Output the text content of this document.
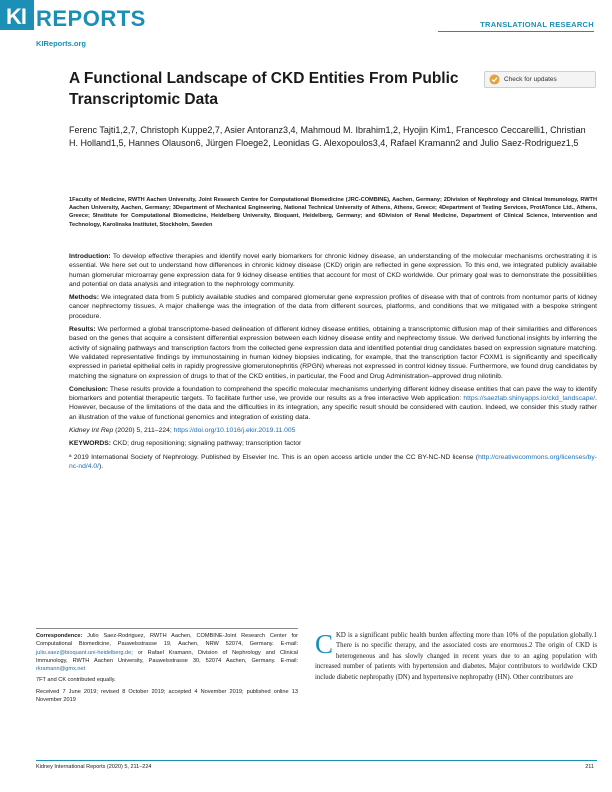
KI REPORTS
KIReports.org
TRANSLATIONAL RESEARCH
A Functional Landscape of CKD Entities From Public Transcriptomic Data
Check for updates
Ferenc Tajti1,2,7, Christoph Kuppe2,7, Asier Antoranz3,4, Mahmoud M. Ibrahim1,2, Hyojin Kim1, Francesco Ceccarelli1, Christian H. Holland1,5, Hannes Olauson6, Jürgen Floege2, Leonidas G. Alexopoulos3,4, Rafael Kramann2 and Julio Saez-Rodriguez1,5
1Faculty of Medicine, RWTH Aachen University, Joint Research Centre for Computational Biomedicine (JRC-COMBINE), Aachen, Germany; 2Division of Nephrology and Clinical Immunology, RWTH Aachen University, Aachen, Germany; 3Department of Mechanical Engineering, National Technical University of Athens, Athens, Greece; 4Department of Testing Services, ProtATonce Ltd., Athens, Greece; 5Institute for Computational Biomedicine, Heidelberg University, Bioquant, Heidelberg, Germany; and 6Division of Renal Medicine, Department of Clinical Science, Intervention and Technology, Karolinska Institutet, Stockholm, Sweden

Introduction: To develop effective therapies and identify novel early biomarkers for chronic kidney disease, an understanding of the molecular mechanisms orchestrating it is essential. We here set out to understand how differences in chronic kidney disease (CKD) origin are reflected in gene expression. To this end, we integrated publicly available human glomerular microarray gene expression data for 9 kidney disease entities that account for most of CKD worldwide. Our primary goal was to demonstrate the possibilities and potential on data analysis and integration to the nephrology community.

Methods: We integrated data from 5 publicly available studies and compared glomerular gene expression profiles of disease with that of controls from nontumor parts of kidney cancer nephrectomy tissues. A major challenge was the integration of the data from different sources, platforms, and conditions that we mitigated with a bespoke stringent procedure.

Results: We performed a global transcriptome-based delineation of different kidney disease entities, obtaining a transcriptomic diffusion map of their similarities and differences based on the genes that acquire a consistent differential expression between each kidney disease entity and nephrectomy tissue. We derived functional insights by inferring the activity of signaling pathways and transcription factors from the collected gene expression data and identified potential drug candidates based on expression signature matching. We validated representative findings by immunostaining in human kidney biopsies indicating, for example, that the transcription factor FOXM1 is significantly and specifically expressed in parietal epithelial cells in rapidly progressive glomerulonephritis (RPGN) whereas not expressed in control kidney tissue. Furthermore, we found drug candidates by matching the signature on expression of drugs to that of the CKD entities, in particular, the Food and Drug Administration–approved drug nilotinib.

Conclusion: These results provide a foundation to comprehend the specific molecular mechanisms underlying different kidney disease entities that can pave the way to identify biomarkers and potential therapeutic targets. To facilitate further use, we provide our results as a free interactive Web application: https://saezlab.shinyapps.io/ckd_landscape/. However, because of the limitations of the data and the difficulties in its integration, any specific result should be considered with caution. Indeed, we consider this study rather an illustration of the value of functional genomics and integration of existing data.

Kidney Int Rep (2020) 5, 211–224; https://doi.org/10.1016/j.ekir.2019.11.005

KEYWORDS: CKD; drug repositioning; signaling pathway; transcription factor

ª 2019 International Society of Nephrology. Published by Elsevier Inc. This is an open access article under the CC BY-NC-ND license (http://creativecommons.org/licenses/by-nc-nd/4.0/).

Correspondence: Julio Saez-Rodriguez, RWTH Aachen, COMBINE-Joint Research Center for Computational Biomedicine, Pauwelsstrasse 19, Aachen, NRW 52074, Germany. E-mail: julio.saez@bioquant.uni-heidelberg.de; or Rafael Kramann, Division of Nephrology and Clinical Immunology, RWTH Aachen University, Pauwelsstrasse 30, 52074 Aachen, Germany. E-mail: rkramann@gmx.net

7FT and CK contributed equally.

Received 7 June 2019; revised 8 October 2019; accepted 4 November 2019; published online 13 November 2019

CKD is a significant public health burden affecting more than 10% of the population globally.1 There is no specific therapy, and the associated costs are enormous.2 The origin of CKD is heterogeneous and has slowly changed in recent years due to an aging population with increased number of patients with hypertension and diabetes. Major contributors to worldwide CKD include diabetic nephropathy (DN) and hypertensive nephropathy (HN). Other contributors are
Kidney International Reports (2020) 5, 211–224	211
